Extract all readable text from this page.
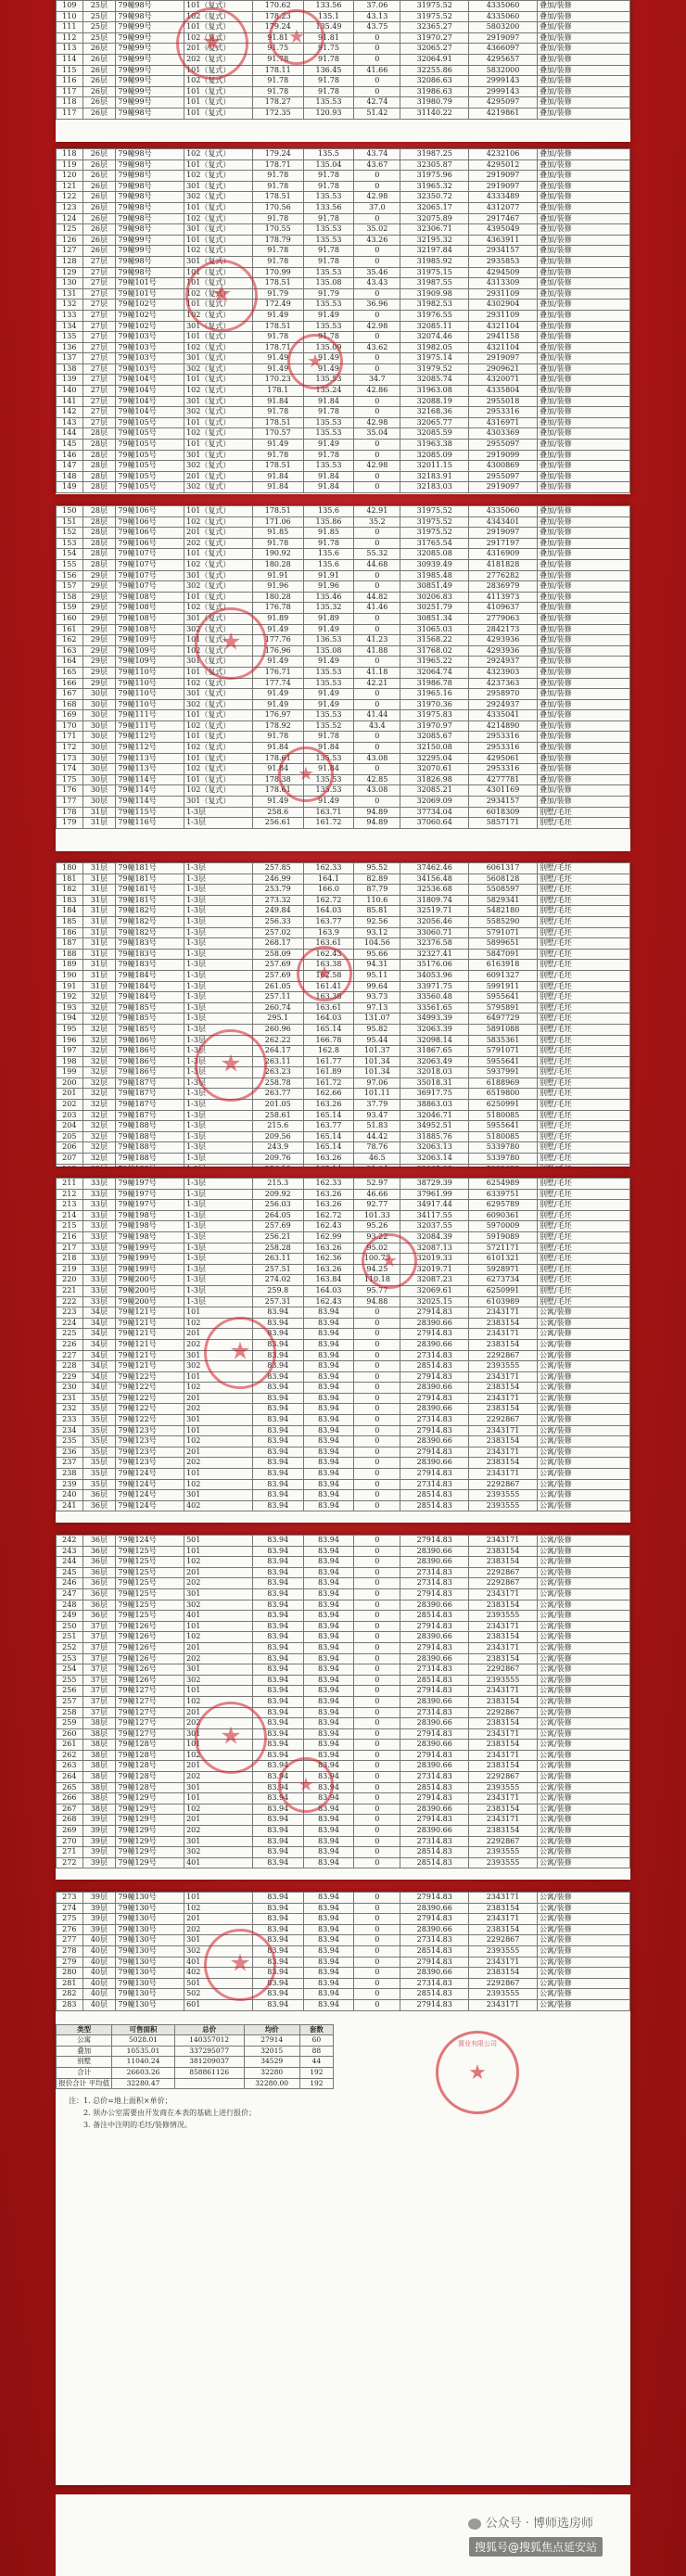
109	25层	79幢98号	101（复式）	170.62	133.56	37.06	31975.52	4335060	叠加/装修
110	25层	79幢98号	102（复式）	178.23	135.1	43.13	31975.52	4335060	叠加/装修
111	25层	79幢99号	101（复式）	179.24	135.49	43.75	32365.27	5803200	叠加/装修
112	25层	79幢99号	102（复式）	91.81	91.81	0	31970.27	2919097	叠加/装修
113	26层	79幢99号	201（复式）	91.75	91.75	0	32065.27	4366097	叠加/装修
114	26层	79幢99号	202（复式）	91.78	91.78	0	32064.91	4295657	叠加/装修
115	26层	79幢99号	101（复式）	178.11	136.45	41.66	32255.86	5832000	叠加/装修
116	26层	79幢99号	102（复式）	91.78	91.78	0	32086.63	2999143	叠加/装修
117	26层	79幢99号	101（复式）	91.78	91.78	0	31986.63	2999143	叠加/装修
118	26层	79幢99号	101（复式）	178.27	135.53	42.74	31980.79	4295097	叠加/装修
117	26层	79幢98号	101（复式）	172.35	120.93	51.42	31140.22	4219861	叠加/装修
★
★
118	26层	79幢98号	102（复式）	179.24	135.5	43.74	31987.25	4232106	叠加/装修
119	26层	79幢98号	101（复式）	178.71	135.04	43.67	32305.87	4295012	叠加/装修
120	26层	79幢98号	102（复式）	91.78	91.78	0	31975.96	2919097	叠加/装修
121	26层	79幢98号	301（复式）	91.78	91.78	0	31965.32	2919097	叠加/装修
122	26层	79幢98号	302（复式）	178.51	135.53	42.98	32350.72	4333489	叠加/装修
123	26层	79幢98号	101（复式）	170.56	133.56	37.0	32065.17	4312077	叠加/装修
124	26层	79幢98号	102（复式）	91.78	91.78	0	32075.89	2917467	叠加/装修
125	26层	79幢98号	301（复式）	170.55	135.53	35.02	32306.71	4395049	叠加/装修
126	26层	79幢99号	101（复式）	178.79	135.53	43.26	32195.32	4363911	叠加/装修
127	26层	79幢99号	102（复式）	91.78	91.78	0	32197.84	2934157	叠加/装修
128	27层	79幢98号	301（复式）	91.78	91.78	0	31985.92	2935853	叠加/装修
129	27层	79幢98号	101（复式）	170.99	135.53	35.46	31975.15	4294509	叠加/装修
130	27层	79幢101号	101（复式）	178.51	135.08	43.43	31987.55	4313309	叠加/装修
131	27层	79幢101号	102（复式）	91.79	91.79	0	31909.98	2931109	叠加/装修
132	27层	79幢102号	101（复式）	172.49	135.53	36.96	31982.53	4302904	叠加/装修
133	27层	79幢102号	102（复式）	91.49	91.49	0	31976.55	2931109	叠加/装修
134	27层	79幢102号	301（复式）	178.51	135.53	42.98	32085.11	4321104	叠加/装修
135	27层	79幢103号	101（复式）	91.78	91.78	0	32074.46	2941158	叠加/装修
136	27层	79幢103号	102（复式）	178.71	135.09	43.62	31982.05	4321104	叠加/装修
137	27层	79幢103号	301（复式）	91.49	91.49	0	31975.14	2919097	叠加/装修
138	27层	79幢103号	302（复式）	91.49	91.49	0	31979.52	2909621	叠加/装修
139	27层	79幢104号	101（复式）	170.23	135.53	34.7	32085.74	4320071	叠加/装修
140	27层	79幢104号	102（复式）	178.1	135.24	42.86	31963.08	4335804	叠加/装修
141	27层	79幢104号	301（复式）	91.84	91.84	0	32088.19	2955018	叠加/装修
142	27层	79幢104号	302（复式）	91.78	91.78	0	32168.36	2953316	叠加/装修
143	27层	79幢105号	101（复式）	178.51	135.53	42.98	32065.77	4316971	叠加/装修
144	28层	79幢105号	102（复式）	170.57	135.53	35.04	32085.59	4303369	叠加/装修
145	28层	79幢105号	101（复式）	91.49	91.49	0	31963.38	2955097	叠加/装修
146	28层	79幢105号	301（复式）	91.78	91.78	0	32085.09	2919099	叠加/装修
147	28层	79幢105号	302（复式）	178.51	135.53	42.98	32011.15	4300869	叠加/装修
148	28层	79幢105号	201（复式）	91.84	91.84	0	32183.91	2955097	叠加/装修
149	28层	79幢105号	302（复式）	91.84	91.84	0	32183.03	2919097	叠加/装修
★
★
150	28层	79幢106号	101（复式）	178.51	135.6	42.91	31975.52	4335060	叠加/装修
151	28层	79幢106号	102（复式）	171.06	135.86	35.2	31975.52	4343401	叠加/装修
152	28层	79幢106号	201（复式）	91.85	91.85	0	31975.52	2919097	叠加/装修
153	28层	79幢106号	202（复式）	91.78	91.78	0	31765.54	2917197	叠加/装修
154	28层	79幢107号	101（复式）	190.92	135.6	55.32	32085.08	4316909	叠加/装修
155	28层	79幢107号	102（复式）	180.28	135.6	44.68	30939.49	4181828	叠加/装修
156	29层	79幢107号	301（复式）	91.91	91.91	0	31985.48	2776282	叠加/装修
157	29层	79幢107号	302（复式）	91.96	91.96	0	30851.49	2836979	叠加/装修
158	29层	79幢108号	101（复式）	180.28	135.46	44.82	30206.83	4113973	叠加/装修
159	29层	79幢108号	102（复式）	176.78	135.32	41.46	30251.79	4109637	叠加/装修
160	29层	79幢108号	301（复式）	91.89	91.89	0	30851.34	2779063	叠加/装修
161	29层	79幢108号	302（复式）	91.49	91.49	0	31065.03	2842173	叠加/装修
162	29层	79幢109号	101（复式）	177.76	136.53	41.23	31568.22	4293936	叠加/装修
163	29层	79幢109号	102（复式）	176.96	135.08	41.88	31768.02	4293936	叠加/装修
164	29层	79幢109号	301（复式）	91.49	91.49	0	31965.22	2924937	叠加/装修
165	29层	79幢110号	101（复式）	176.71	135.53	41.18	32064.74	4323903	叠加/装修
166	29层	79幢110号	102（复式）	177.74	135.53	42.21	31986.78	4237363	叠加/装修
167	30层	79幢110号	301（复式）	91.49	91.49	0	31965.16	2958970	叠加/装修
168	30层	79幢110号	302（复式）	91.49	91.49	0	31970.36	2924937	叠加/装修
169	30层	79幢111号	101（复式）	176.97	135.53	41.44	31975.83	4335041	叠加/装修
170	30层	79幢111号	102（复式）	178.92	135.52	43.4	31970.97	4214890	叠加/装修
171	30层	79幢112号	101（复式）	91.78	91.78	0	32085.67	2953316	叠加/装修
172	30层	79幢112号	102（复式）	91.84	91.84	0	32150.08	2953316	叠加/装修
173	30层	79幢113号	101（复式）	178.61	135.53	43.08	32295.04	4295061	叠加/装修
174	30层	79幢113号	102（复式）	91.84	91.84	0	32070.61	2953316	叠加/装修
175	30层	79幢114号	101（复式）	178.38	135.53	42.85	31826.98	4277781	叠加/装修
176	30层	79幢114号	102（复式）	178.61	135.53	43.08	32085.21	4301169	叠加/装修
177	30层	79幢114号	301（复式）	91.49	91.49	0	32069.09	2934157	叠加/装修
178	31层	79幢115号	1-3层	258.6	163.71	94.89	37734.04	6018309	别墅/毛坯
179	31层	79幢116号	1-3层	256.61	161.72	94.89	37060.64	5857171	别墅/毛坯
★
★
180	31层	79幢181号	1-3层	257.85	162.33	95.52	37462.46	6061317	别墅/毛坯
181	31层	79幢181号	1-3层	246.99	164.1	82.89	34156.48	5608128	别墅/毛坯
182	31层	79幢181号	1-3层	253.79	166.0	87.79	32536.68	5508597	别墅/毛坯
183	31层	79幢181号	1-3层	273.32	162.72	110.6	31809.74	5829341	别墅/毛坯
184	31层	79幢182号	1-3层	249.84	164.03	85.81	32519.71	5482180	别墅/毛坯
185	31层	79幢182号	1-3层	256.33	163.77	92.56	32056.46	5585290	别墅/毛坯
186	31层	79幢182号	1-3层	257.02	163.9	93.12	33060.71	5791071	别墅/毛坯
187	31层	79幢183号	1-3层	268.17	163.61	104.56	32376.58	5899651	别墅/毛坯
188	31层	79幢183号	1-3层	258.09	162.43	95.66	32327.41	5847091	别墅/毛坯
189	31层	79幢183号	1-3层	257.69	163.38	94.31	35176.06	6163918	别墅/毛坯
190	31层	79幢184号	1-3层	257.69	162.58	95.11	34053.96	6091327	别墅/毛坯
191	31层	79幢184号	1-3层	261.05	161.41	99.64	33971.75	5991911	别墅/毛坯
192	32层	79幢184号	1-3层	257.11	163.38	93.73	33560.48	5955641	别墅/毛坯
193	32层	79幢185号	1-3层	260.74	163.61	97.13	33561.65	5795891	别墅/毛坯
194	32层	79幢185号	1-3层	295.1	164.03	131.07	34993.39	6497729	别墅/毛坯
195	32层	79幢185号	1-3层	260.96	165.14	95.82	32063.39	5891088	别墅/毛坯
196	32层	79幢186号	1-3层	262.22	166.78	95.44	32098.14	5835361	别墅/毛坯
197	32层	79幢186号	1-3层	264.17	162.8	101.37	31867.65	5791071	别墅/毛坯
198	32层	79幢186号	1-3层	263.11	161.77	101.34	32063.49	5955641	别墅/毛坯
199	32层	79幢186号	1-3层	263.23	161.89	101.34	32018.03	5937991	别墅/毛坯
200	32层	79幢187号	1-3层	258.78	161.72	97.06	35018.31	6188969	别墅/毛坯
201	32层	79幢187号	1-3层	263.77	162.66	101.11	36917.75	6519800	别墅/毛坯
202	32层	79幢187号	1-3层	201.05	163.26	37.79	38863.03	6250991	别墅/毛坯
203	32层	79幢187号	1-3层	258.61	165.14	93.47	32046.71	5180085	别墅/毛坯
204	32层	79幢188号	1-3层	215.6	163.77	51.83	34952.51	5955641	别墅/毛坯
205	32层	79幢188号	1-3层	209.56	165.14	44.42	31885.76	5180085	别墅/毛坯
206	32层	79幢188号	1-3层	243.9	165.14	78.76	32063.13	5339780	别墅/毛坯
207	32层	79幢188号	1-3层	209.76	163.26	46.5	32063.14	5339780	别墅/毛坯

★
★
211	33层	79幢197号	1-3层	215.3	162.33	52.97	38729.39	6254989	别墅/毛坯
212	33层	79幢197号	1-3层	209.92	163.26	46.66	37961.99	6339751	别墅/毛坯
213	33层	79幢197号	1-3层	256.03	163.26	92.77	34917.44	6295789	别墅/毛坯
214	33层	79幢198号	1-3层	264.05	162.72	101.33	34117.55	6090361	别墅/毛坯
215	33层	79幢198号	1-3层	257.69	162.43	95.26	32037.55	5970009	别墅/毛坯
216	33层	79幢198号	1-3层	256.21	162.99	93.22	32084.39	5919089	别墅/毛坯
217	33层	79幢199号	1-3层	258.28	163.26	95.02	32087.13	5721171	别墅/毛坯
218	33层	79幢199号	1-3层	263.11	162.36	100.75	32019.33	6101321	别墅/毛坯
219	33层	79幢199号	1-3层	257.51	163.26	94.25	32019.71	5928971	别墅/毛坯
220	33层	79幢200号	1-3层	274.02	163.84	110.18	32087.23	6273734	别墅/毛坯
221	33层	79幢200号	1-3层	259.8	164.03	95.77	32069.61	6250991	别墅/毛坯
222	33层	79幢200号	1-3层	257.31	162.43	94.88	32025.15	6103989	别墅/毛坯
223	34层	79幢121号	101	83.94	83.94	0	27914.83	2343171	公寓/装修
224	34层	79幢121号	102	83.94	83.94	0	28390.66	2383154	公寓/装修
225	34层	79幢121号	201	83.94	83.94	0	27914.83	2343171	公寓/装修
226	34层	79幢121号	202	83.94	83.94	0	28390.66	2383154	公寓/装修
227	34层	79幢121号	301	83.94	83.94	0	27314.83	2292867	公寓/装修
228	34层	79幢121号	302	83.94	83.94	0	28514.83	2393555	公寓/装修
229	34层	79幢122号	101	83.94	83.94	0	27914.83	2343171	公寓/装修
230	34层	79幢122号	102	83.94	83.94	0	28390.66	2383154	公寓/装修
231	35层	79幢122号	201	83.94	83.94	0	27914.83	2343171	公寓/装修
232	35层	79幢122号	202	83.94	83.94	0	28390.66	2383154	公寓/装修
233	35层	79幢122号	301	83.94	83.94	0	27314.83	2292867	公寓/装修
234	35层	79幢123号	101	83.94	83.94	0	27914.83	2343171	公寓/装修
235	35层	79幢123号	102	83.94	83.94	0	28390.66	2383154	公寓/装修
236	35层	79幢123号	201	83.94	83.94	0	27914.83	2343171	公寓/装修
237	35层	79幢123号	202	83.94	83.94	0	28390.66	2383154	公寓/装修
238	35层	79幢124号	101	83.94	83.94	0	27914.83	2343171	公寓/装修
239	35层	79幢124号	102	83.94	83.94	0	27314.83	2292867	公寓/装修
240	36层	79幢124号	301	83.94	83.94	0	28514.83	2393555	公寓/装修
241	36层	79幢124号	402	83.94	83.94	0	28514.83	2393555	公寓/装修
★
★
242	36层	79幢124号	501	83.94	83.94	0	27914.83	2343171	公寓/装修
243	36层	79幢125号	101	83.94	83.94	0	28390.66	2383154	公寓/装修
244	36层	79幢125号	102	83.94	83.94	0	28390.66	2383154	公寓/装修
245	36层	79幢125号	201	83.94	83.94	0	27314.83	2292867	公寓/装修
246	36层	79幢125号	202	83.94	83.94	0	27314.83	2292867	公寓/装修
247	36层	79幢125号	301	83.94	83.94	0	27914.83	2343171	公寓/装修
248	36层	79幢125号	302	83.94	83.94	0	28390.66	2383154	公寓/装修
249	36层	79幢125号	401	83.94	83.94	0	28514.83	2393555	公寓/装修
250	37层	79幢126号	101	83.94	83.94	0	27914.83	2343171	公寓/装修
251	37层	79幢126号	102	83.94	83.94	0	28390.66	2383154	公寓/装修
252	37层	79幢126号	201	83.94	83.94	0	27914.83	2343171	公寓/装修
253	37层	79幢126号	202	83.94	83.94	0	28390.66	2383154	公寓/装修
254	37层	79幢126号	301	83.94	83.94	0	27314.83	2292867	公寓/装修
255	37层	79幢126号	302	83.94	83.94	0	28514.83	2393555	公寓/装修
256	37层	79幢127号	101	83.94	83.94	0	27914.83	2343171	公寓/装修
257	37层	79幢127号	102	83.94	83.94	0	28390.66	2383154	公寓/装修
258	37层	79幢127号	201	83.94	83.94	0	27314.83	2292867	公寓/装修
259	38层	79幢127号	202	83.94	83.94	0	28390.66	2383154	公寓/装修
260	38层	79幢127号	301	83.94	83.94	0	27914.83	2343171	公寓/装修
261	38层	79幢128号	101	83.94	83.94	0	28390.66	2383154	公寓/装修
262	38层	79幢128号	102	83.94	83.94	0	27914.83	2343171	公寓/装修
263	38层	79幢128号	201	83.94	83.94	0	28390.66	2383154	公寓/装修
264	38层	79幢128号	202	83.94	83.94	0	27314.83	2292867	公寓/装修
265	38层	79幢128号	301	83.94	83.94	0	28514.83	2393555	公寓/装修
266	38层	79幢129号	101	83.94	83.94	0	27914.83	2343171	公寓/装修
267	38层	79幢129号	102	83.94	83.94	0	28390.66	2383154	公寓/装修
268	39层	79幢129号	201	83.94	83.94	0	27914.83	2343171	公寓/装修
269	39层	79幢129号	202	83.94	83.94	0	28390.66	2383154	公寓/装修
270	39层	79幢129号	301	83.94	83.94	0	27314.83	2292867	公寓/装修
271	39层	79幢129号	302	83.94	83.94	0	28514.83	2393555	公寓/装修
272	39层	79幢129号	401	83.94	83.94	0	28514.83	2393555	公寓/装修
★
★
273	39层	79幢130号	101	83.94	83.94	0	27914.83	2343171	公寓/装修
274	39层	79幢130号	102	83.94	83.94	0	28390.66	2383154	公寓/装修
275	39层	79幢130号	201	83.94	83.94	0	27914.83	2343171	公寓/装修
276	39层	79幢130号	202	83.94	83.94	0	28390.66	2383154	公寓/装修
277	40层	79幢130号	301	83.94	83.94	0	27314.83	2292867	公寓/装修
278	40层	79幢130号	302	83.94	83.94	0	28514.83	2393555	公寓/装修
279	40层	79幢130号	401	83.94	83.94	0	27914.83	2343171	公寓/装修
280	40层	79幢130号	402	83.94	83.94	0	28390.66	2383154	公寓/装修
281	40层	79幢130号	501	83.94	83.94	0	27314.83	2292867	公寓/装修
282	40层	79幢130号	502	83.94	83.94	0	28514.83	2393555	公寓/装修
283	40层	79幢130号	601	83.94	83.94	0	27914.83	2343171	公寓/装修
类型	可售面积	总价	均价	套数
公寓	5028.01	140357012	27914	60
叠加	10535.01	337295077	32015	88
别墅	11040.24	381209037	34529	44
合计	26603.26	858861126	32280	192
报价合计 平均值	32280.47		32280.00	192
注：1. 总价=地上面积×单价；
2. 须办公室需要由开发商在本表的基础上进行报价；
3. 备注中注明的毛坯/装修情况。
★
置业有限公司
★
公众号 · 博师选房师
搜狐号@搜狐焦点延安站
